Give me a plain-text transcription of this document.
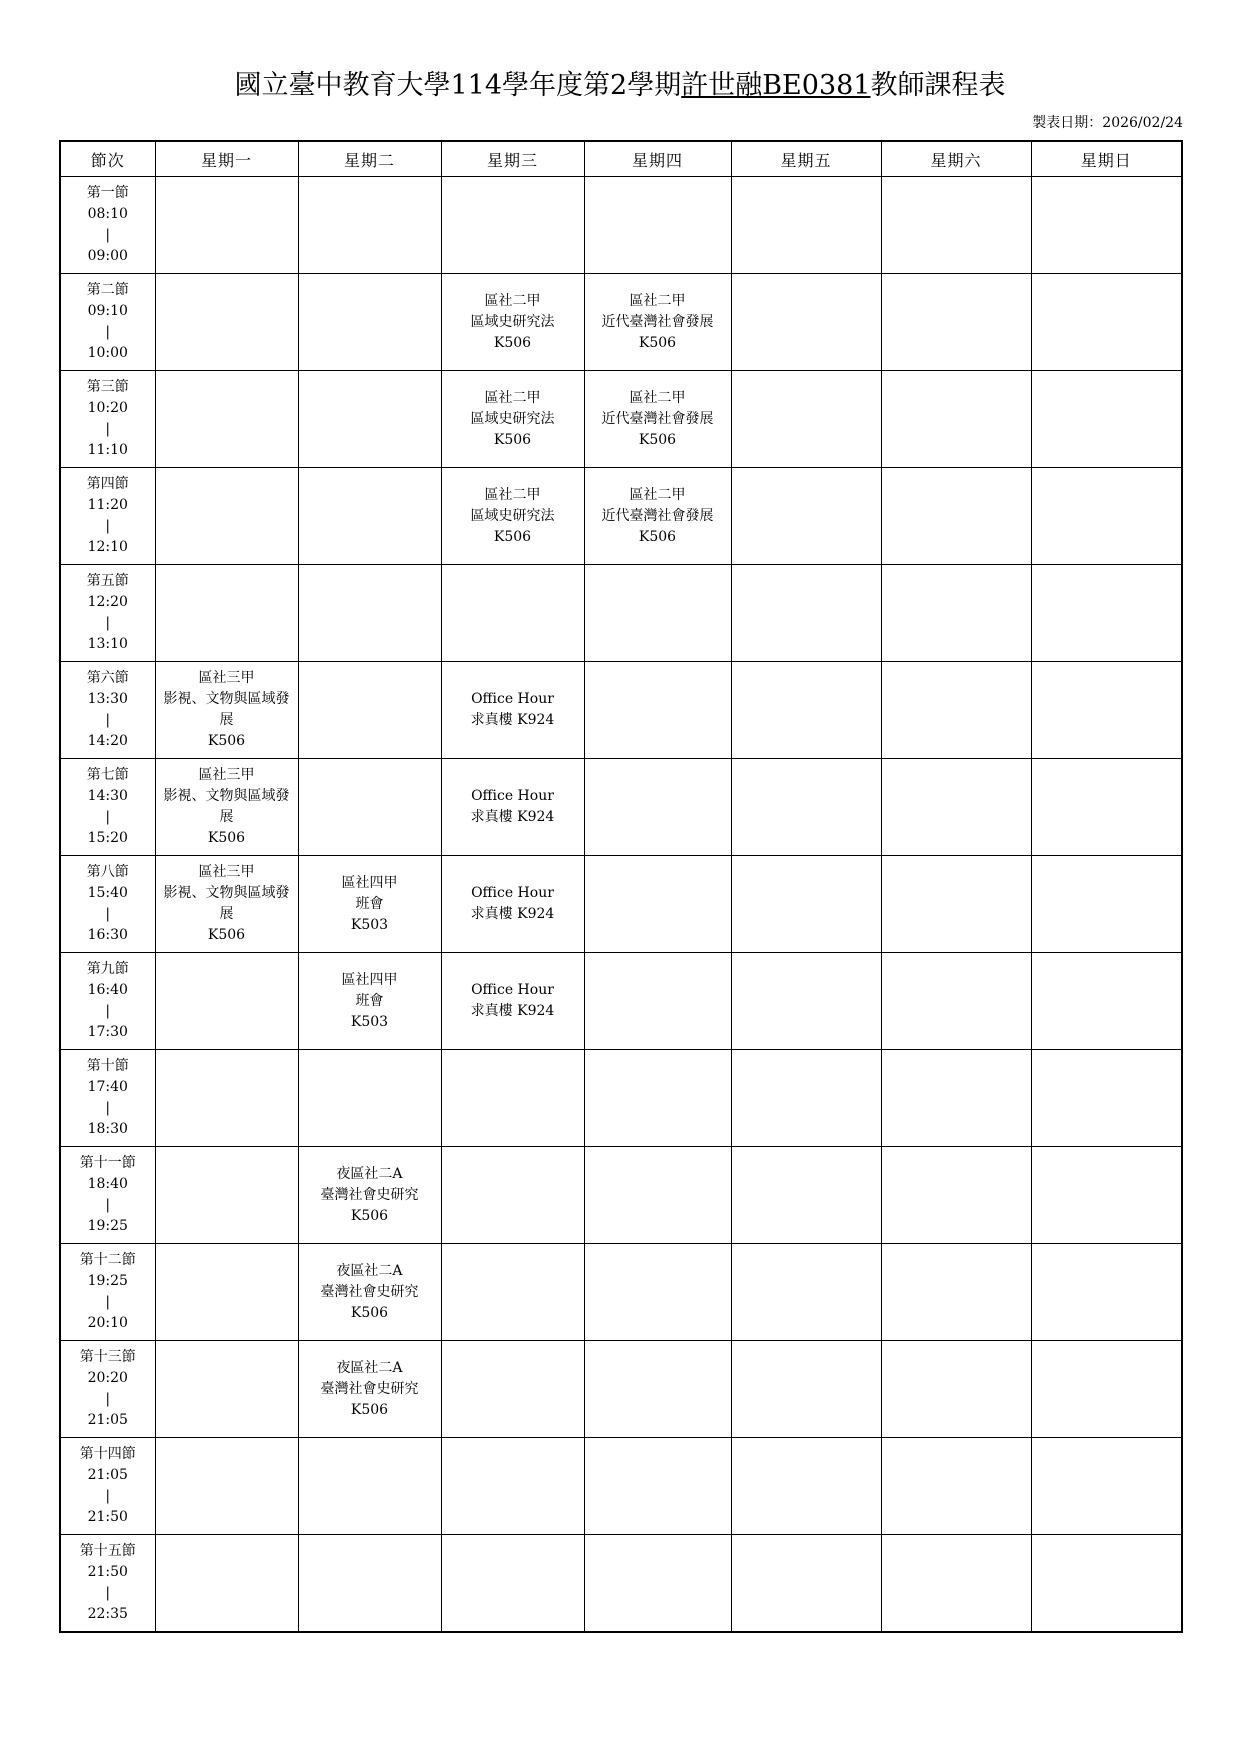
國立臺中教育大學114學年度第2學期許世融BE0381教師課程表
製表日期：2026/02/24
節次	星期一	星期二	星期三	星期四	星期五	星期六	星期日

第一節
08:10
|
09:00							

第二節
09:10
|
10:00			區社二甲
區域史研究法
K506	區社二甲
近代臺灣社會發展
K506			

第三節
10:20
|
11:10			區社二甲
區域史研究法
K506	區社二甲
近代臺灣社會發展
K506			

第四節
11:20
|
12:10			區社二甲
區域史研究法
K506	區社二甲
近代臺灣社會發展
K506			

第五節
12:20
|
13:10							

第六節
13:30
|
14:20	區社三甲
影視、文物與區域發展
K506		Office Hour
求真樓 K924				

第七節
14:30
|
15:20	區社三甲
影視、文物與區域發展
K506		Office Hour
求真樓 K924				

第八節
15:40
|
16:30	區社三甲
影視、文物與區域發展
K506	區社四甲
班會
K503	Office Hour
求真樓 K924				

第九節
16:40
|
17:30		區社四甲
班會
K503	Office Hour
求真樓 K924				

第十節
17:40
|
18:30							

第十一節
18:40
|
19:25		夜區社二A
臺灣社會史研究
K506					

第十二節
19:25
|
20:10		夜區社二A
臺灣社會史研究
K506					

第十三節
20:20
|
21:05		夜區社二A
臺灣社會史研究
K506					

第十四節
21:05
|
21:50							

第十五節
21:50
|
22:35							
